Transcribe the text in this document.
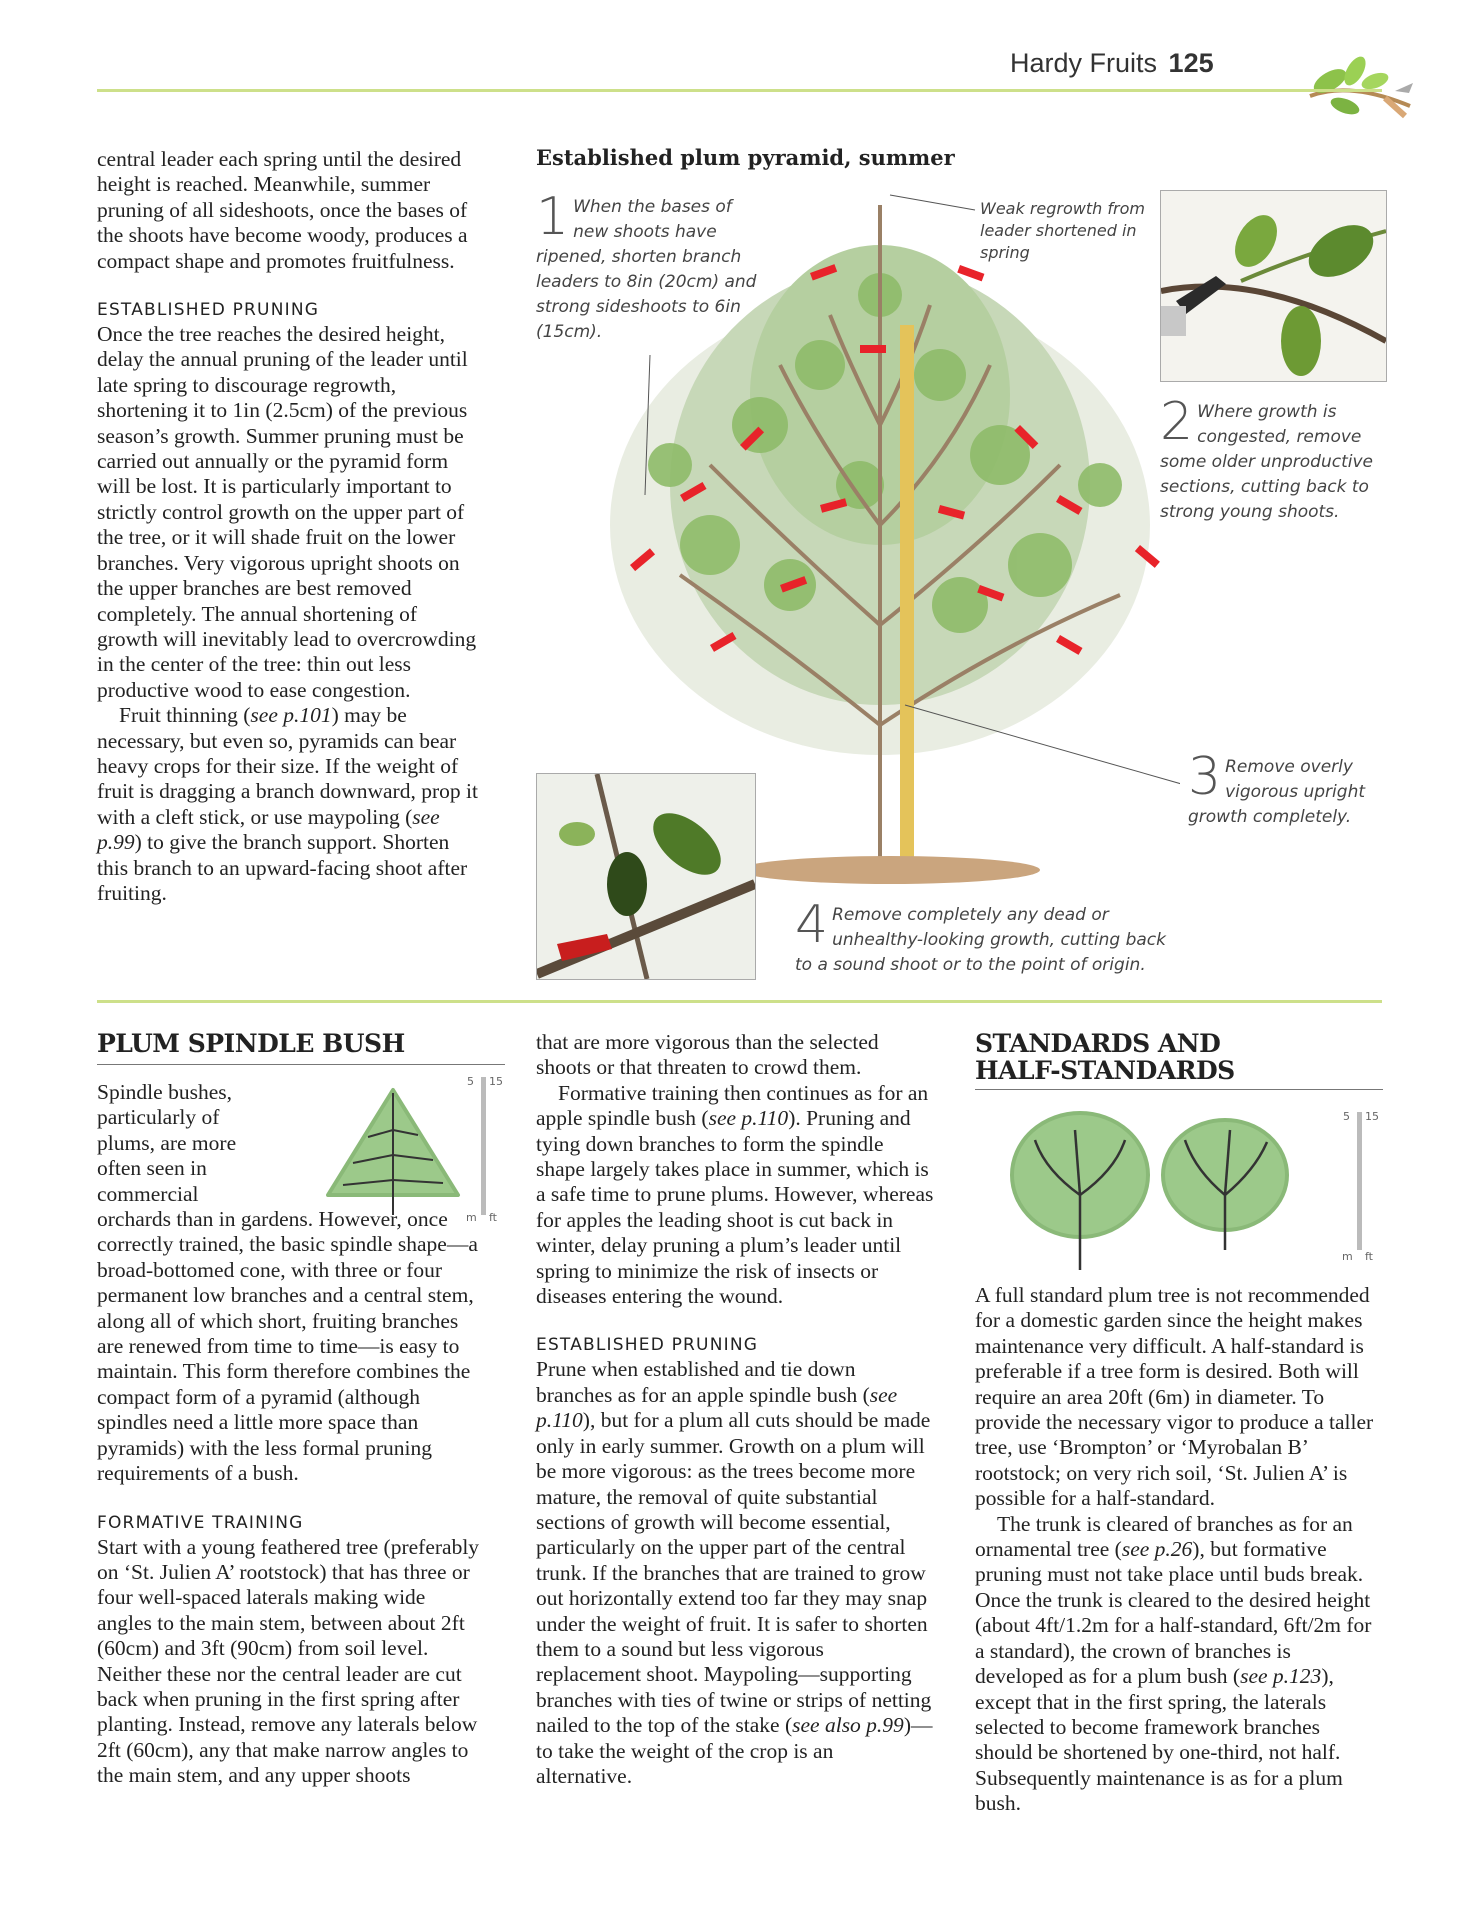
Hardy Fruits 125

central leader each spring until the desired height is reached. Meanwhile, summer pruning of all sideshoots, once the bases of the shoots have become woody, produces a compact shape and promotes fruitfulness.

ESTABLISHED PRUNING

Once the tree reaches the desired height, delay the annual pruning of the leader until late spring to discourage regrowth, shortening it to 1in (2.5cm) of the previous season’s growth. Summer pruning must be carried out annually or the pyramid form will be lost. It is particularly important to strictly control growth on the upper part of the tree, or it will shade fruit on the lower branches. Very vigorous upright shoots on the upper branches are best removed completely. The annual shortening of growth will inevitably lead to overcrowding in the center of the tree: thin out less productive wood to ease congestion.

Fruit thinning (see p.101) may be necessary, but even so, pyramids can bear heavy crops for their size. If the weight of fruit is dragging a branch downward, prop it with a cleft stick, or use maypoling (see p.99) to give the branch support. Shorten this branch to an upward-facing shoot after fruiting.

Established plum pyramid, summer
1 When the bases of new shoots have ripened, shorten branch leaders to 8in (20cm) and strong sideshoots to 6in (15cm).
Weak regrowth from leader shortened in spring
2 Where growth is congested, remove some older unproductive sections, cutting back to strong young shoots.
3 Remove overly vigorous upright growth completely.
4 Remove completely any dead or unhealthy-looking growth, cutting back to a sound shoot or to the point of origin.
PLUM SPINDLE BUSH
5 15
m ft

Spindle bushes, particularly of plums, are more often seen in commercial orchards than in gardens. However, once correctly trained, the basic spindle shape—a broad-bottomed cone, with three or four permanent low branches and a central stem, along all of which short, fruiting branches are renewed from time to time—is easy to maintain. This form therefore combines the compact form of a pyramid (although spindles need a little more space than pyramids) with the less formal pruning requirements of a bush.

FORMATIVE TRAINING

Start with a young feathered tree (preferably on ‘St. Julien A’ rootstock) that has three or four well-spaced laterals making wide angles to the main stem, between about 2ft (60cm) and 3ft (90cm) from soil level. Neither these nor the central leader are cut back when pruning in the first spring after planting. Instead, remove any laterals below 2ft (60cm), any that make narrow angles to the main stem, and any upper shoots

that are more vigorous than the selected shoots or that threaten to crowd them.

Formative training then continues as for an apple spindle bush (see p.110). Pruning and tying down branches to form the spindle shape largely takes place in summer, which is a safe time to prune plums. However, whereas for apples the leading shoot is cut back in winter, delay pruning a plum’s leader until spring to minimize the risk of insects or diseases entering the wound.

ESTABLISHED PRUNING

Prune when established and tie down branches as for an apple spindle bush (see p.110), but for a plum all cuts should be made only in early summer. Growth on a plum will be more vigorous: as the trees become more mature, the removal of quite substantial sections of growth will become essential, particularly on the upper part of the central trunk. If the branches that are trained to grow out horizontally extend too far they may snap under the weight of fruit. It is safer to shorten them to a sound but less vigorous replacement shoot. Maypoling—supporting branches with ties of twine or strips of netting nailed to the top of the stake (see also p.99)—to take the weight of the crop is an alternative.

STANDARDS AND HALF-STANDARDS
5 15
m ft

A full standard plum tree is not recommended for a domestic garden since the height makes maintenance very difficult. A half-standard is preferable if a tree form is desired. Both will require an area 20ft (6m) in diameter. To provide the necessary vigor to produce a taller tree, use ‘Brompton’ or ‘Myrobalan B’ rootstock; on very rich soil, ‘St. Julien A’ is possible for a half-standard.

The trunk is cleared of branches as for an ornamental tree (see p.26), but formative pruning must not take place until buds break. Once the trunk is cleared to the desired height (about 4ft/1.2m for a half-standard, 6ft/2m for a standard), the crown of branches is developed as for a plum bush (see p.123), except that in the first spring, the laterals selected to become framework branches should be shortened by one-third, not half. Subsequently maintenance is as for a plum bush.
